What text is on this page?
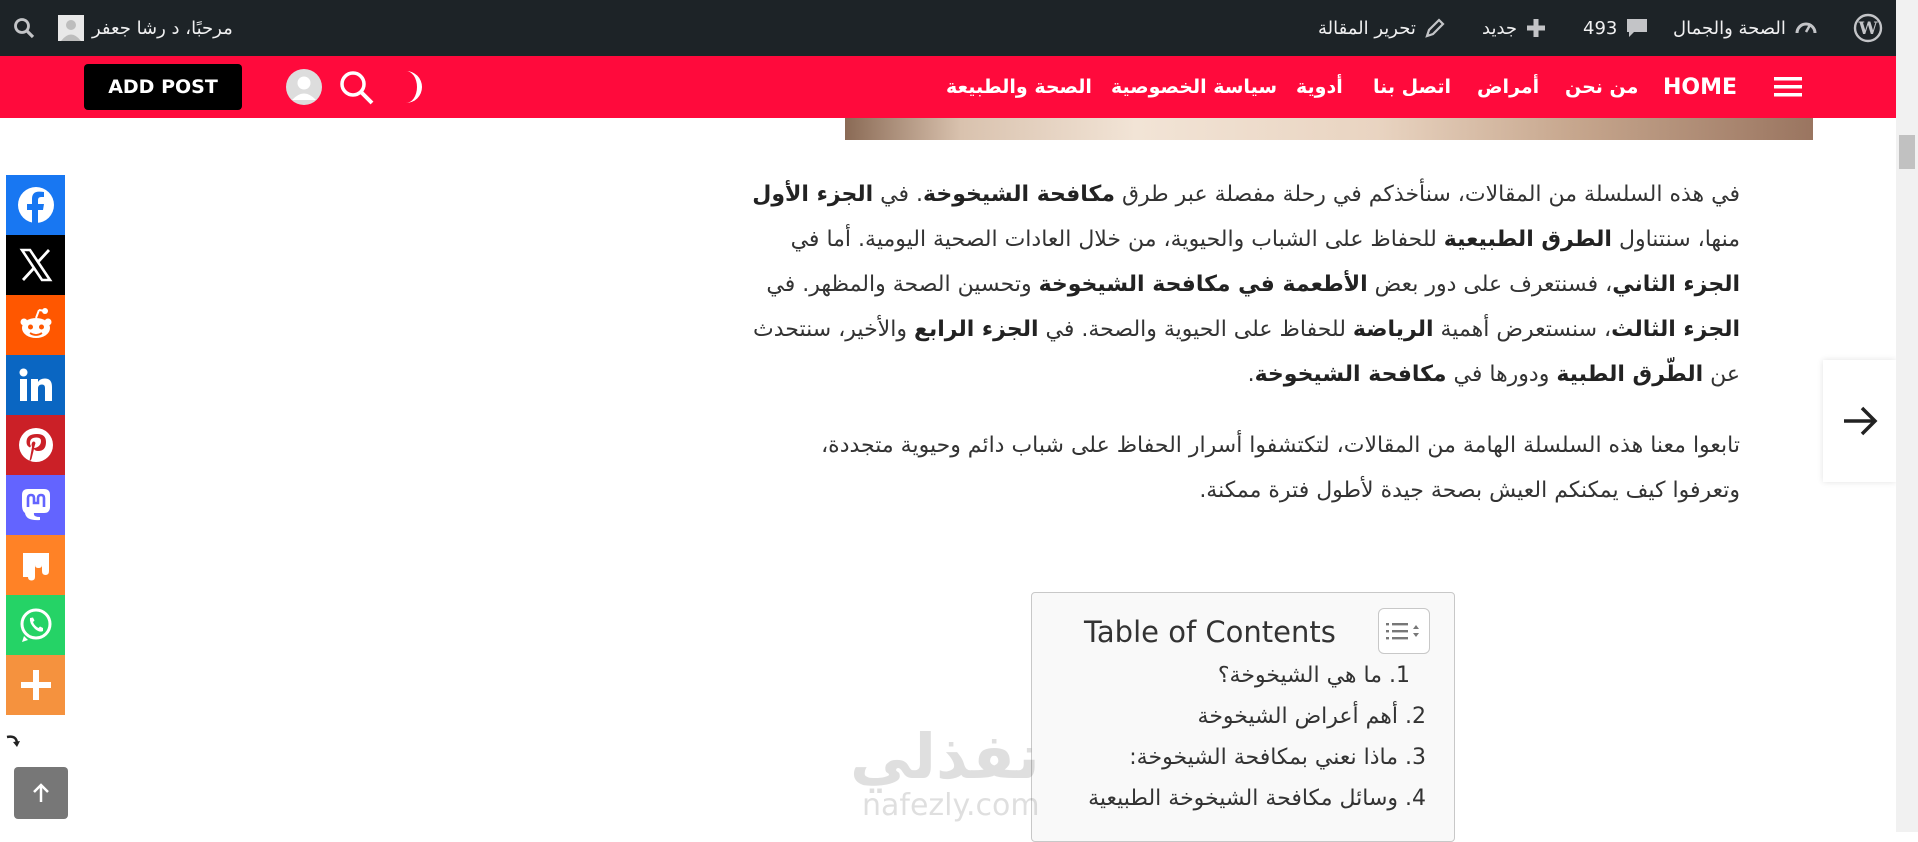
W
الصحة والجمال
493
جديد
تحرير المقالة
مرحبًا، د رشا جعفر
HOME
من نحن
أمراض
اتصل بنا
أدوية
سياسة الخصوصية
الصحة والطبيعة
ADD POST

في هذه السلسلة من المقالات، سنأخذكم في رحلة مفصلة عبر طرق مكافحة الشيخوخة. في الجزء الأول منها، سنتناول الطرق الطبيعية للحفاظ على الشباب والحيوية، من خلال العادات الصحية اليومية. أما في الجزء الثاني، فسنتعرف على دور بعض الأطعمة في مكافحة الشيخوخة وتحسين الصحة والمظهر. في الجزء الثالث، سنستعرض أهمية الرياضة للحفاظ على الحيوية والصحة. في الجزء الرابع والأخير، سنتحدث عن الطّرق الطبية ودورها في مكافحة الشيخوخة.

تابعوا معنا هذه السلسلة الهامة من المقالات، لتكتشفوا أسرار الحفاظ على شباب دائم وحيوية متجددة، وتعرفوا كيف يمكنكم العيش بصحة جيدة لأطول فترة ممكنة.

Table of Contents
1. ما هي الشيخوخة؟
2. أهم أعراض الشيخوخة
3. ماذا نعني بمكافحة الشيخوخة:
4. وسائل مكافحة الشيخوخة الطبيعية
نفذلي
nafezly.com
